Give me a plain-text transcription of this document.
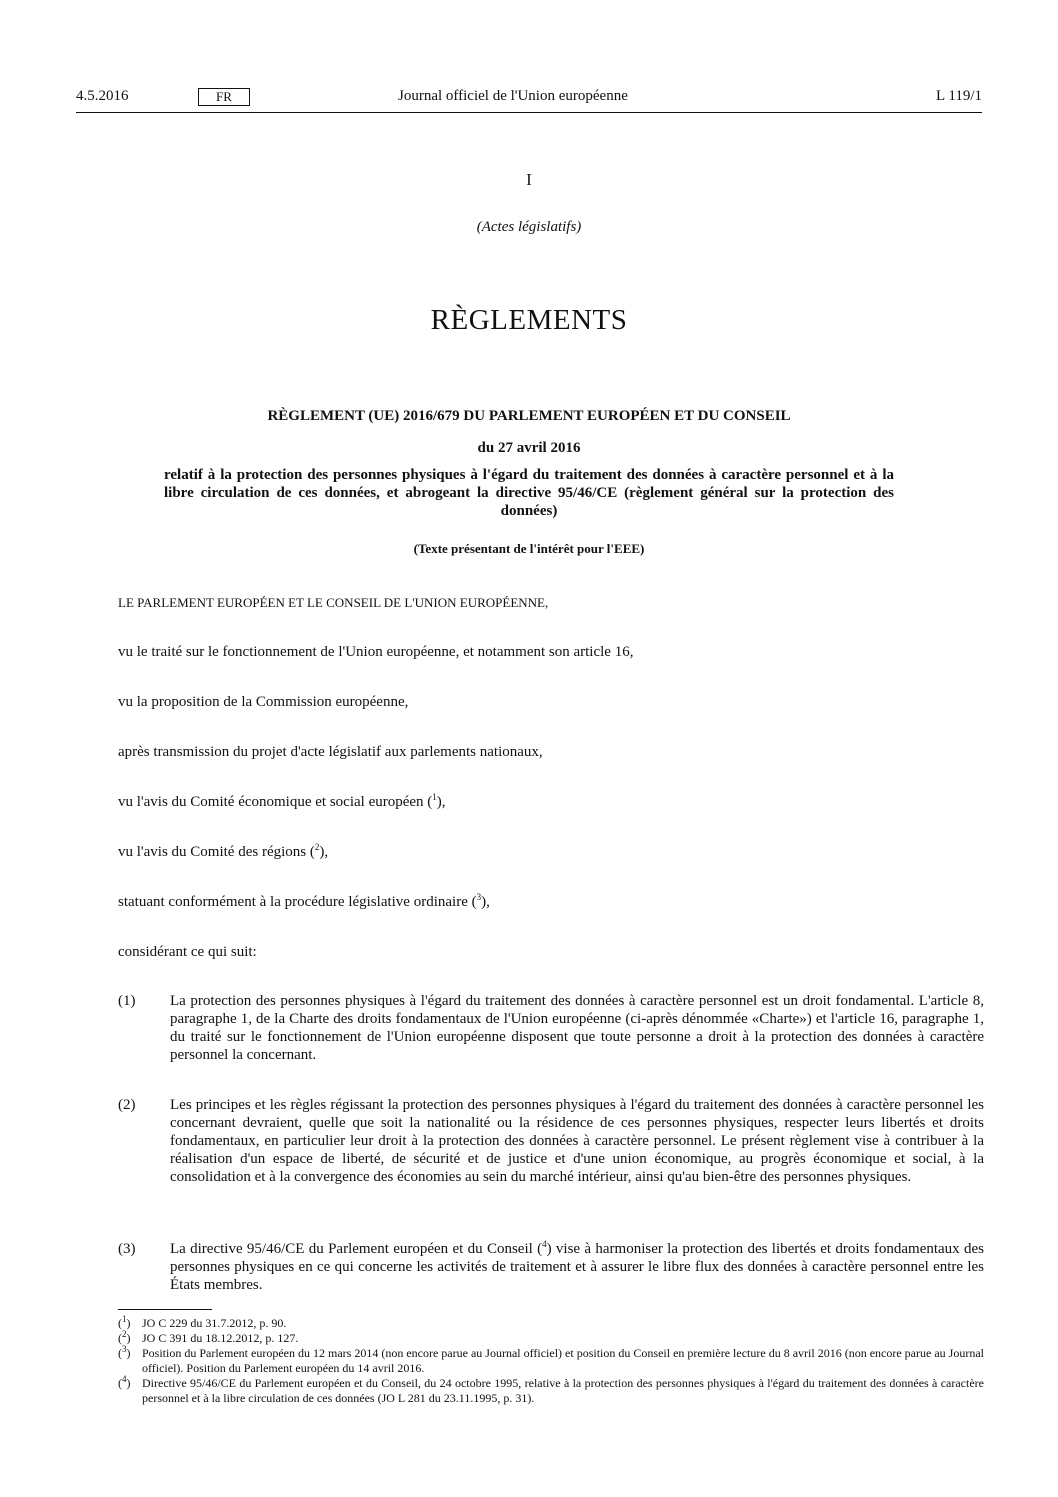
4.5.2016	FR	Journal officiel de l'Union européenne	L 119/1
I
(Actes législatifs)
RÈGLEMENTS
RÈGLEMENT (UE) 2016/679 DU PARLEMENT EUROPÉEN ET DU CONSEIL
du 27 avril 2016
relatif à la protection des personnes physiques à l'égard du traitement des données à caractère personnel et à la libre circulation de ces données, et abrogeant la directive 95/46/CE (règlement général sur la protection des données)
(Texte présentant de l'intérêt pour l'EEE)
LE PARLEMENT EUROPÉEN ET LE CONSEIL DE L'UNION EUROPÉENNE,
vu le traité sur le fonctionnement de l'Union européenne, et notamment son article 16,
vu la proposition de la Commission européenne,
après transmission du projet d'acte législatif aux parlements nationaux,
vu l'avis du Comité économique et social européen ($^1$),
vu l'avis du Comité des régions ($^2$),
statuant conformément à la procédure législative ordinaire ($^3$),
considérant ce qui suit:
(1)	La protection des personnes physiques à l'égard du traitement des données à caractère personnel est un droit fondamental. L'article 8, paragraphe 1, de la Charte des droits fondamentaux de l'Union européenne (ci-après dénommée «Charte») et l'article 16, paragraphe 1, du traité sur le fonctionnement de l'Union européenne disposent que toute personne a droit à la protection des données à caractère personnel la concernant.
(2)	Les principes et les règles régissant la protection des personnes physiques à l'égard du traitement des données à caractère personnel les concernant devraient, quelle que soit la nationalité ou la résidence de ces personnes physiques, respecter leurs libertés et droits fondamentaux, en particulier leur droit à la protection des données à caractère personnel. Le présent règlement vise à contribuer à la réalisation d'un espace de liberté, de sécurité et de justice et d'une union économique, au progrès économique et social, à la consolidation et à la convergence des économies au sein du marché intérieur, ainsi qu'au bien-être des personnes physiques.
(3)	La directive 95/46/CE du Parlement européen et du Conseil ($^4$) vise à harmoniser la protection des libertés et droits fondamentaux des personnes physiques en ce qui concerne les activités de traitement et à assurer le libre flux des données à caractère personnel entre les États membres.
($^1$) JO C 229 du 31.7.2012, p. 90.
($^2$) JO C 391 du 18.12.2012, p. 127.
($^3$) Position du Parlement européen du 12 mars 2014 (non encore parue au Journal officiel) et position du Conseil en première lecture du 8 avril 2016 (non encore parue au Journal officiel). Position du Parlement européen du 14 avril 2016.
($^4$) Directive 95/46/CE du Parlement européen et du Conseil, du 24 octobre 1995, relative à la protection des personnes physiques à l'égard du traitement des données à caractère personnel et à la libre circulation de ces données (JO L 281 du 23.11.1995, p. 31).
